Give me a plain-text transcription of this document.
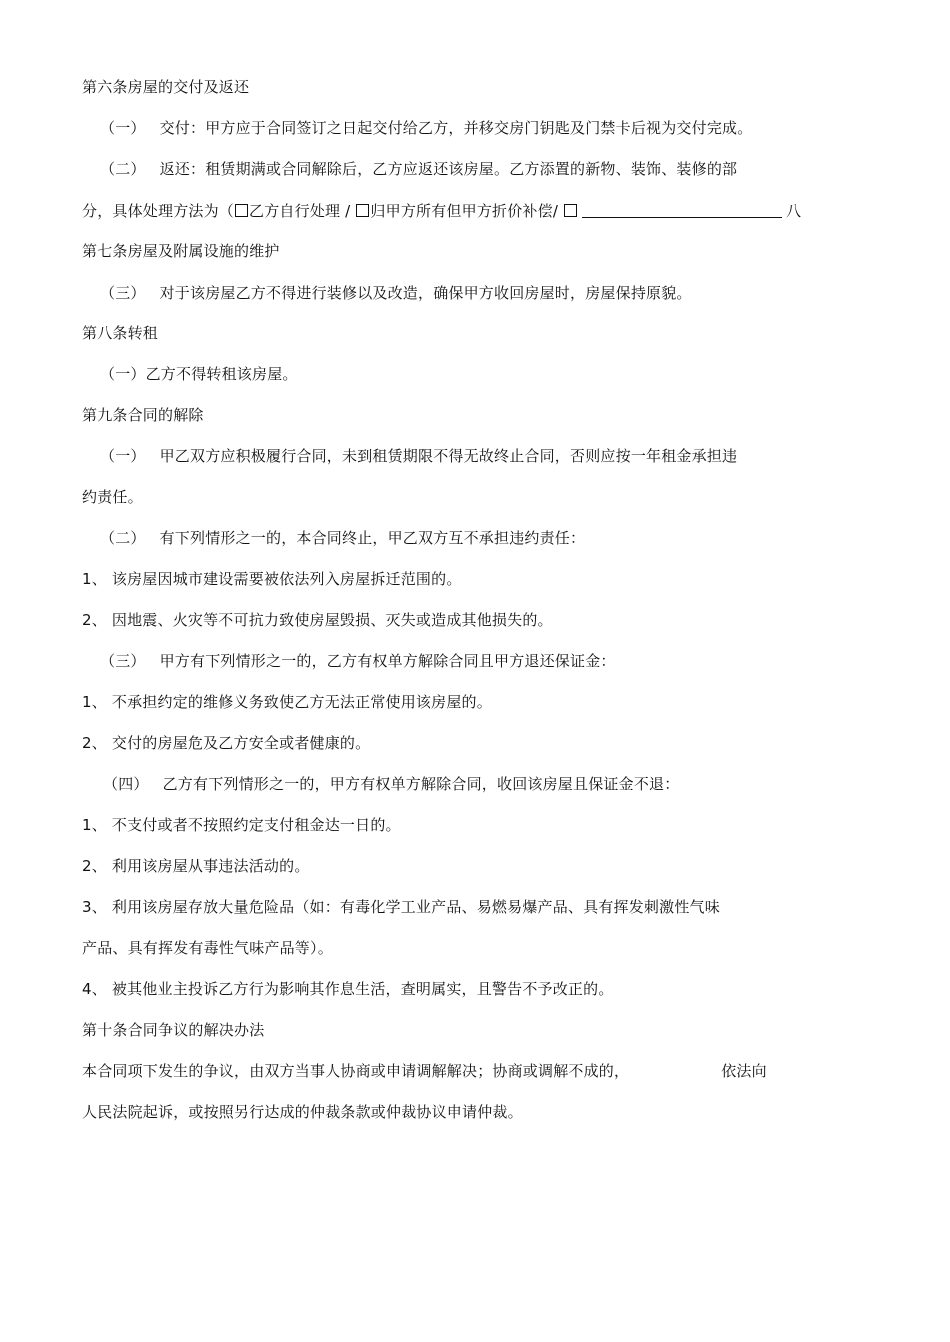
第六条房屋的交付及返还
（一） 交付：甲方应于合同签订之日起交付给乙方，并移交房门钥匙及门禁卡后视为交付完成。
（二） 返还：租赁期满或合同解除后，乙方应返还该房屋。乙方添置的新物、装饰、装修的部
分，具体处理方法为（ 乙方自行处理 / 归甲方所有但甲方折价补偿/	八
第七条房屋及附属设施的维护
（三） 对于该房屋乙方不得进行装修以及改造，确保甲方收回房屋时，房屋保持原貌。
第八条转租
（一）乙方不得转租该房屋。
第九条合同的解除
（一） 甲乙双方应积极履行合同，未到租赁期限不得无故终止合同，否则应按一年租金承担违
约责任。
（二） 有下列情形之一的，本合同终止，甲乙双方互不承担违约责任：
1、 该房屋因城市建设需要被依法列入房屋拆迁范围的。
2、 因地震、火灾等不可抗力致使房屋毁损、灭失或造成其他损失的。
（三） 甲方有下列情形之一的，乙方有权单方解除合同且甲方退还保证金：
1、 不承担约定的维修义务致使乙方无法正常使用该房屋的。
2、 交付的房屋危及乙方安全或者健康的。
（四） 乙方有下列情形之一的，甲方有权单方解除合同，收回该房屋且保证金不退：
1、 不支付或者不按照约定支付租金达一日的。
2、 利用该房屋从事违法活动的。
3、 利用该房屋存放大量危险品（如：有毒化学工业产品、易燃易爆产品、具有挥发刺激性气味
产品、具有挥发有毒性气味产品等）。
4、 被其他业主投诉乙方行为影响其作息生活，查明属实，且警告不予改正的。
第十条合同争议的解决办法
本合同项下发生的争议，由双方当事人协商或申请调解解决；协商或调解不成的，	依法向
人民法院起诉，或按照另行达成的仲裁条款或仲裁协议申请仲裁。
